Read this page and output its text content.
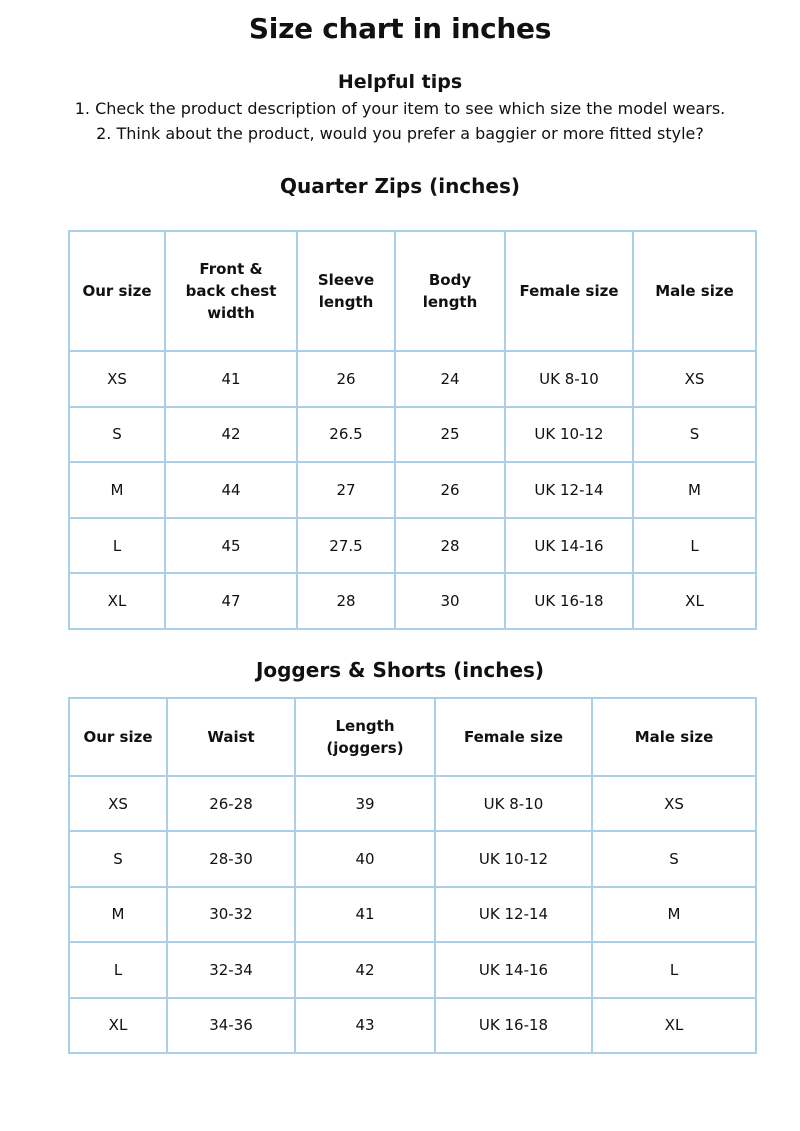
Size chart in inches
Helpful tips
1. Check the product description of your item to see which size the model wears.
2. Think about the product, would you prefer a baggier or more fitted style?
Quarter Zips (inches)
Our size	Front & back chest width	Sleeve length	Body length	Female size	Male size
XS	41	26	24	UK 8-10	XS
S	42	26.5	25	UK 10-12	S
M	44	27	26	UK 12-14	M
L	45	27.5	28	UK 14-16	L
XL	47	28	30	UK 16-18	XL
Joggers & Shorts (inches)
Our size	Waist	Length (joggers)	Female size	Male size
XS	26-28	39	UK 8-10	XS
S	28-30	40	UK 10-12	S
M	30-32	41	UK 12-14	M
L	32-34	42	UK 14-16	L
XL	34-36	43	UK 16-18	XL
